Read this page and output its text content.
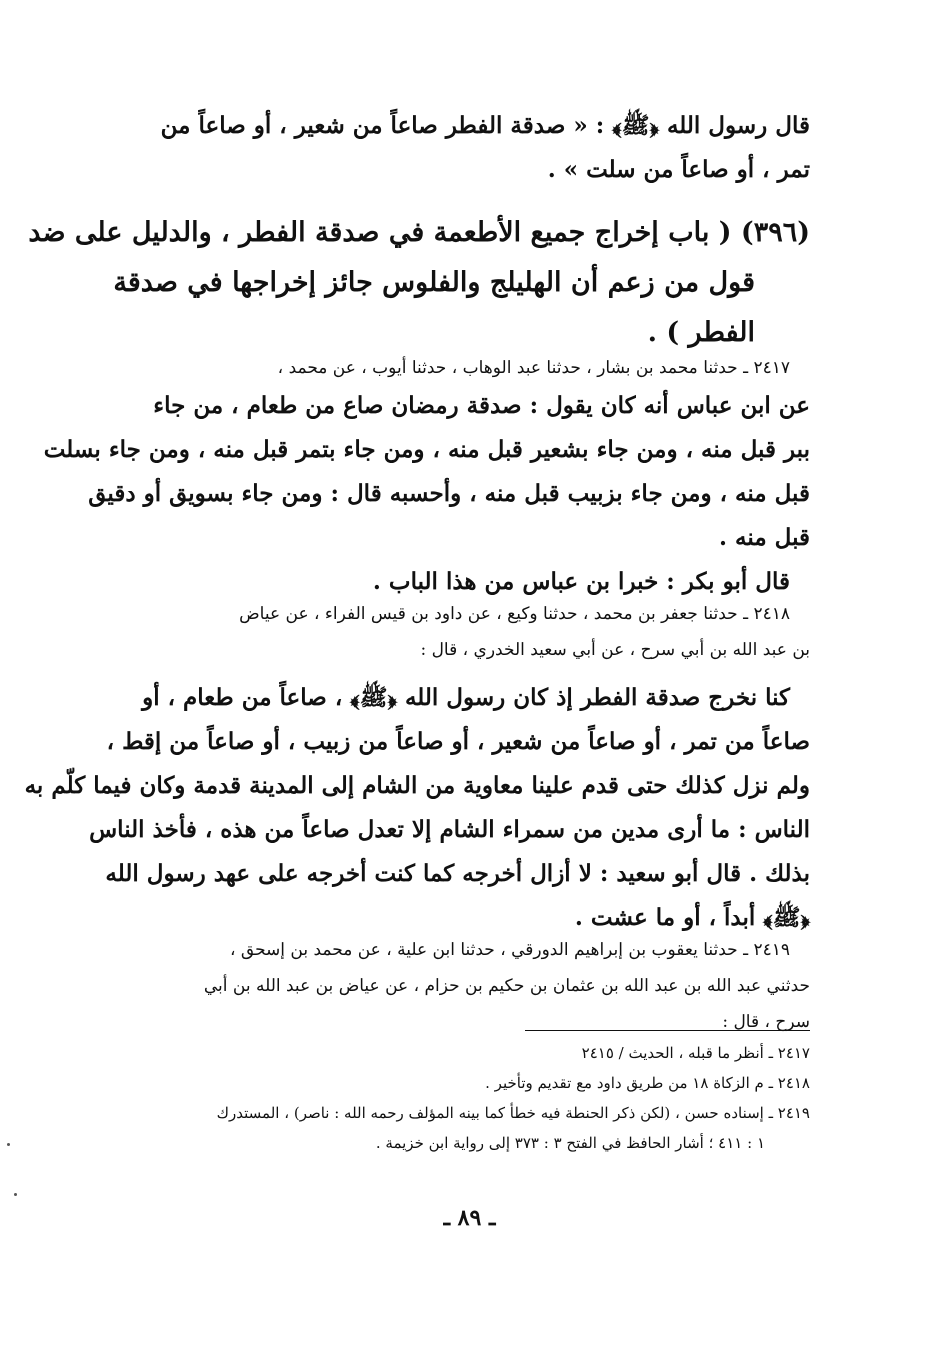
قال رسول الله ﴿ﷺ﴾ : « صدقة الفطر صاعاً من شعير ، أو صاعاً من
تمر ، أو صاعاً من سلت » .
(٣٩٦) ( باب إخراج جميع الأطعمة في صدقة الفطر ، والدليل على ضد
قول من زعم أن الهليلج والفلوس جائز إخراجها في صدقة
الفطر ) .
٢٤١٧ ـ حدثنا محمد بن بشار ، حدثنا عبد الوهاب ، حدثنا أيوب ، عن محمد ،
عن ابن عباس أنه كان يقول : صدقة رمضان صاع من طعام ، من جاء
ببر قبل منه ، ومن جاء بشعير قبل منه ، ومن جاء بتمر قبل منه ، ومن جاء بسلت
قبل منه ، ومن جاء بزبيب قبل منه ، وأحسبه قال : ومن جاء بسويق أو دقيق
قبل منه .
قال أبو بكر : خبرا بن عباس من هذا الباب .
٢٤١٨ ـ حدثنا جعفر بن محمد ، حدثنا وكيع ، عن داود بن قيس الفراء ، عن عياض
بن عبد الله بن أبي سرح ، عن أبي سعيد الخدري ، قال :
كنا نخرج صدقة الفطر إذ كان رسول الله ﴿ﷺ﴾ ، صاعاً من طعام ، أو
صاعاً من تمر ، أو صاعاً من شعير ، أو صاعاً من زبيب ، أو صاعاً من إقط ،
ولم نزل كذلك حتى قدم علينا معاوية من الشام إلى المدينة قدمة وكان فيما كلّم به
الناس : ما أرى مدين من سمراء الشام إلا تعدل صاعاً من هذه ، فأخذ الناس
بذلك . قال أبو سعيد : لا أزال أخرجه كما كنت أخرجه على عهد رسول الله
﴿ﷺ﴾ أبداً ، أو ما عشت .
٢٤١٩ ـ حدثنا يعقوب بن إبراهيم الدورقي ، حدثنا ابن علية ، عن محمد بن إسحق ،
حدثني عبد الله بن عبد الله بن عثمان بن حكيم بن حزام ، عن عياض بن عبد الله بن أبي
سرح ، قال :
٢٤١٧ ـ أنظر ما قبله ، الحديث / ٢٤١٥
٢٤١٨ ـ م الزكاة ١٨ من طريق داود مع تقديم وتأخير .
٢٤١٩ ـ إسناده حسن ، (لكن ذكر الحنطة فيه خطأ كما بينه المؤلف رحمه الله : ناصر) ، المستدرك
١ : ٤١١ ؛ أشار الحافظ في الفتح ٣ : ٣٧٣ إلى رواية ابن خزيمة .
ـ ٨٩ ـ
